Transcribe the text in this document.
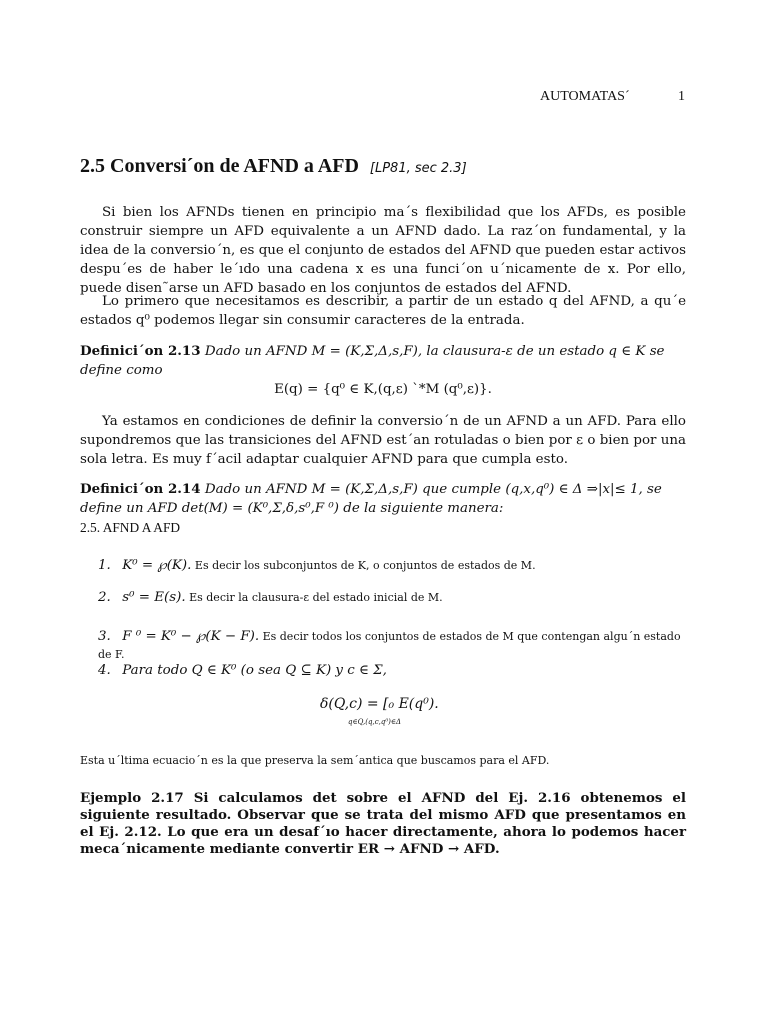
AUTOMATAS´	1
2.5 Conversi´on de AFND a AFD [LP81, sec 2.3]
Si bien los AFNDs tienen en principio ma´s flexibilidad que los AFDs, es posible construir siempre un AFD equivalente a un AFND dado. La raz´on fundamental, y la idea de la conversio´n, es que el conjunto de estados del AFND que pueden estar activos despu´es de haber le´ıdo una cadena x es una funci´on u´nicamente de x. Por ello, puede disen˜arse un AFD basado en los conjuntos de estados del AFND.
Lo primero que necesitamos es describir, a partir de un estado q del AFND, a qu´e estados q⁰ podemos llegar sin consumir caracteres de la entrada.
Definici´on 2.13 Dado un AFND M = (K,Σ,Δ,s,F), la clausura-ε de un estado q ∈ K se define como
E(q) = {q⁰ ∈ K,(q,ε) `*M (q⁰,ε)}.
Ya estamos en condiciones de definir la conversio´n de un AFND a un AFD. Para ello supondremos que las transiciones del AFND est´an rotuladas o bien por ε o bien por una sola letra. Es muy f´acil adaptar cualquier AFND para que cumpla esto.
Definici´on 2.14 Dado un AFND M = (K,Σ,Δ,s,F) que cumple (q,x,q⁰) ∈ Δ ⇒|x|≤ 1, se define un AFD det(M) = (K⁰,Σ,δ,s⁰,F ⁰) de la siguiente manera:
2.5. AFND A AFD
1. K⁰ = ℘(K). Es decir los subconjuntos de K, o conjuntos de estados de M.
2. s⁰ = E(s). Es decir la clausura-ε del estado inicial de M.
3. F ⁰ = K⁰ − ℘(K − F). Es decir todos los conjuntos de estados de M que contengan algu´n estado de F.
4. Para todo Q ∈ K⁰ (o sea Q ⊆ K) y c ∈ Σ,
δ(Q,c) = [₀ E(q⁰).
q∈Q,(q,c,q⁰)∈Δ
Esta u´ltima ecuacio´n es la que preserva la sem´antica que buscamos para el AFD.
Ejemplo 2.17 Si calculamos det sobre el AFND del Ej. 2.16 obtenemos el siguiente resultado. Observar que se trata del mismo AFD que presentamos en el Ej. 2.12. Lo que era un desaf´ıo hacer directamente, ahora lo podemos hacer meca´nicamente mediante convertir ER → AFND → AFD.
